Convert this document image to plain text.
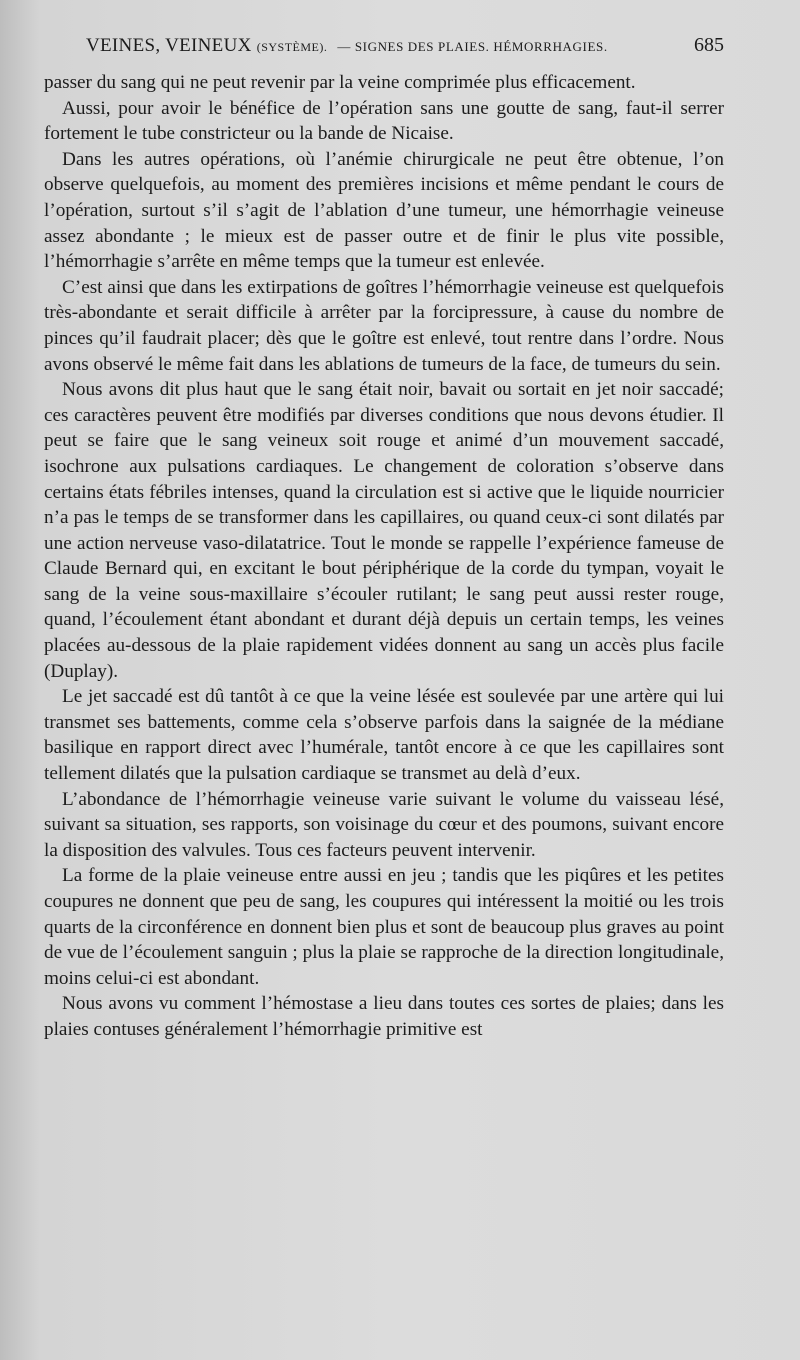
VEINES, VEINEUX (SYSTÈME). — SIGNES DES PLAIES. HÉMORRHAGIES.	685

passer du sang qui ne peut revenir par la veine comprimée plus efficacement.

Aussi, pour avoir le bénéfice de l’opération sans une goutte de sang, faut-il serrer fortement le tube constricteur ou la bande de Nicaise.

Dans les autres opérations, où l’anémie chirurgicale ne peut être obtenue, l’on observe quelquefois, au moment des premières incisions et même pendant le cours de l’opération, surtout s’il s’agit de l’ablation d’une tumeur, une hémorrhagie veineuse assez abondante ; le mieux est de passer outre et de finir le plus vite possible, l’hémorrhagie s’arrête en même temps que la tumeur est enlevée.

C’est ainsi que dans les extirpations de goîtres l’hémorrhagie veineuse est quelquefois très-abondante et serait difficile à arrêter par la forcipressure, à cause du nombre de pinces qu’il faudrait placer; dès que le goître est enlevé, tout rentre dans l’ordre. Nous avons observé le même fait dans les ablations de tumeurs de la face, de tumeurs du sein.

Nous avons dit plus haut que le sang était noir, bavait ou sortait en jet noir saccadé; ces caractères peuvent être modifiés par diverses conditions que nous devons étudier. Il peut se faire que le sang veineux soit rouge et animé d’un mouvement saccadé, isochrone aux pulsations cardiaques. Le changement de coloration s’observe dans certains états fébriles intenses, quand la circulation est si active que le liquide nourricier n’a pas le temps de se transformer dans les capillaires, ou quand ceux-ci sont dilatés par une action nerveuse vaso-dilatatrice. Tout le monde se rappelle l’expérience fameuse de Claude Bernard qui, en excitant le bout périphérique de la corde du tympan, voyait le sang de la veine sous-maxillaire s’écouler rutilant; le sang peut aussi rester rouge, quand, l’écoulement étant abondant et durant déjà depuis un certain temps, les veines placées au-dessous de la plaie rapidement vidées donnent au sang un accès plus facile (Duplay).

Le jet saccadé est dû tantôt à ce que la veine lésée est soulevée par une artère qui lui transmet ses battements, comme cela s’observe parfois dans la saignée de la médiane basilique en rapport direct avec l’humérale, tantôt encore à ce que les capillaires sont tellement dilatés que la pulsation cardiaque se transmet au delà d’eux.

L’abondance de l’hémorrhagie veineuse varie suivant le volume du vaisseau lésé, suivant sa situation, ses rapports, son voisinage du cœur et des poumons, suivant encore la disposition des valvules. Tous ces facteurs peuvent intervenir.

La forme de la plaie veineuse entre aussi en jeu ; tandis que les piqûres et les petites coupures ne donnent que peu de sang, les coupures qui intéressent la moitié ou les trois quarts de la circonférence en donnent bien plus et sont de beaucoup plus graves au point de vue de l’écoulement sanguin ; plus la plaie se rapproche de la direction longitudinale, moins celui-ci est abondant.

Nous avons vu comment l’hémostase a lieu dans toutes ces sortes de plaies; dans les plaies contuses généralement l’hémorrhagie primitive est
